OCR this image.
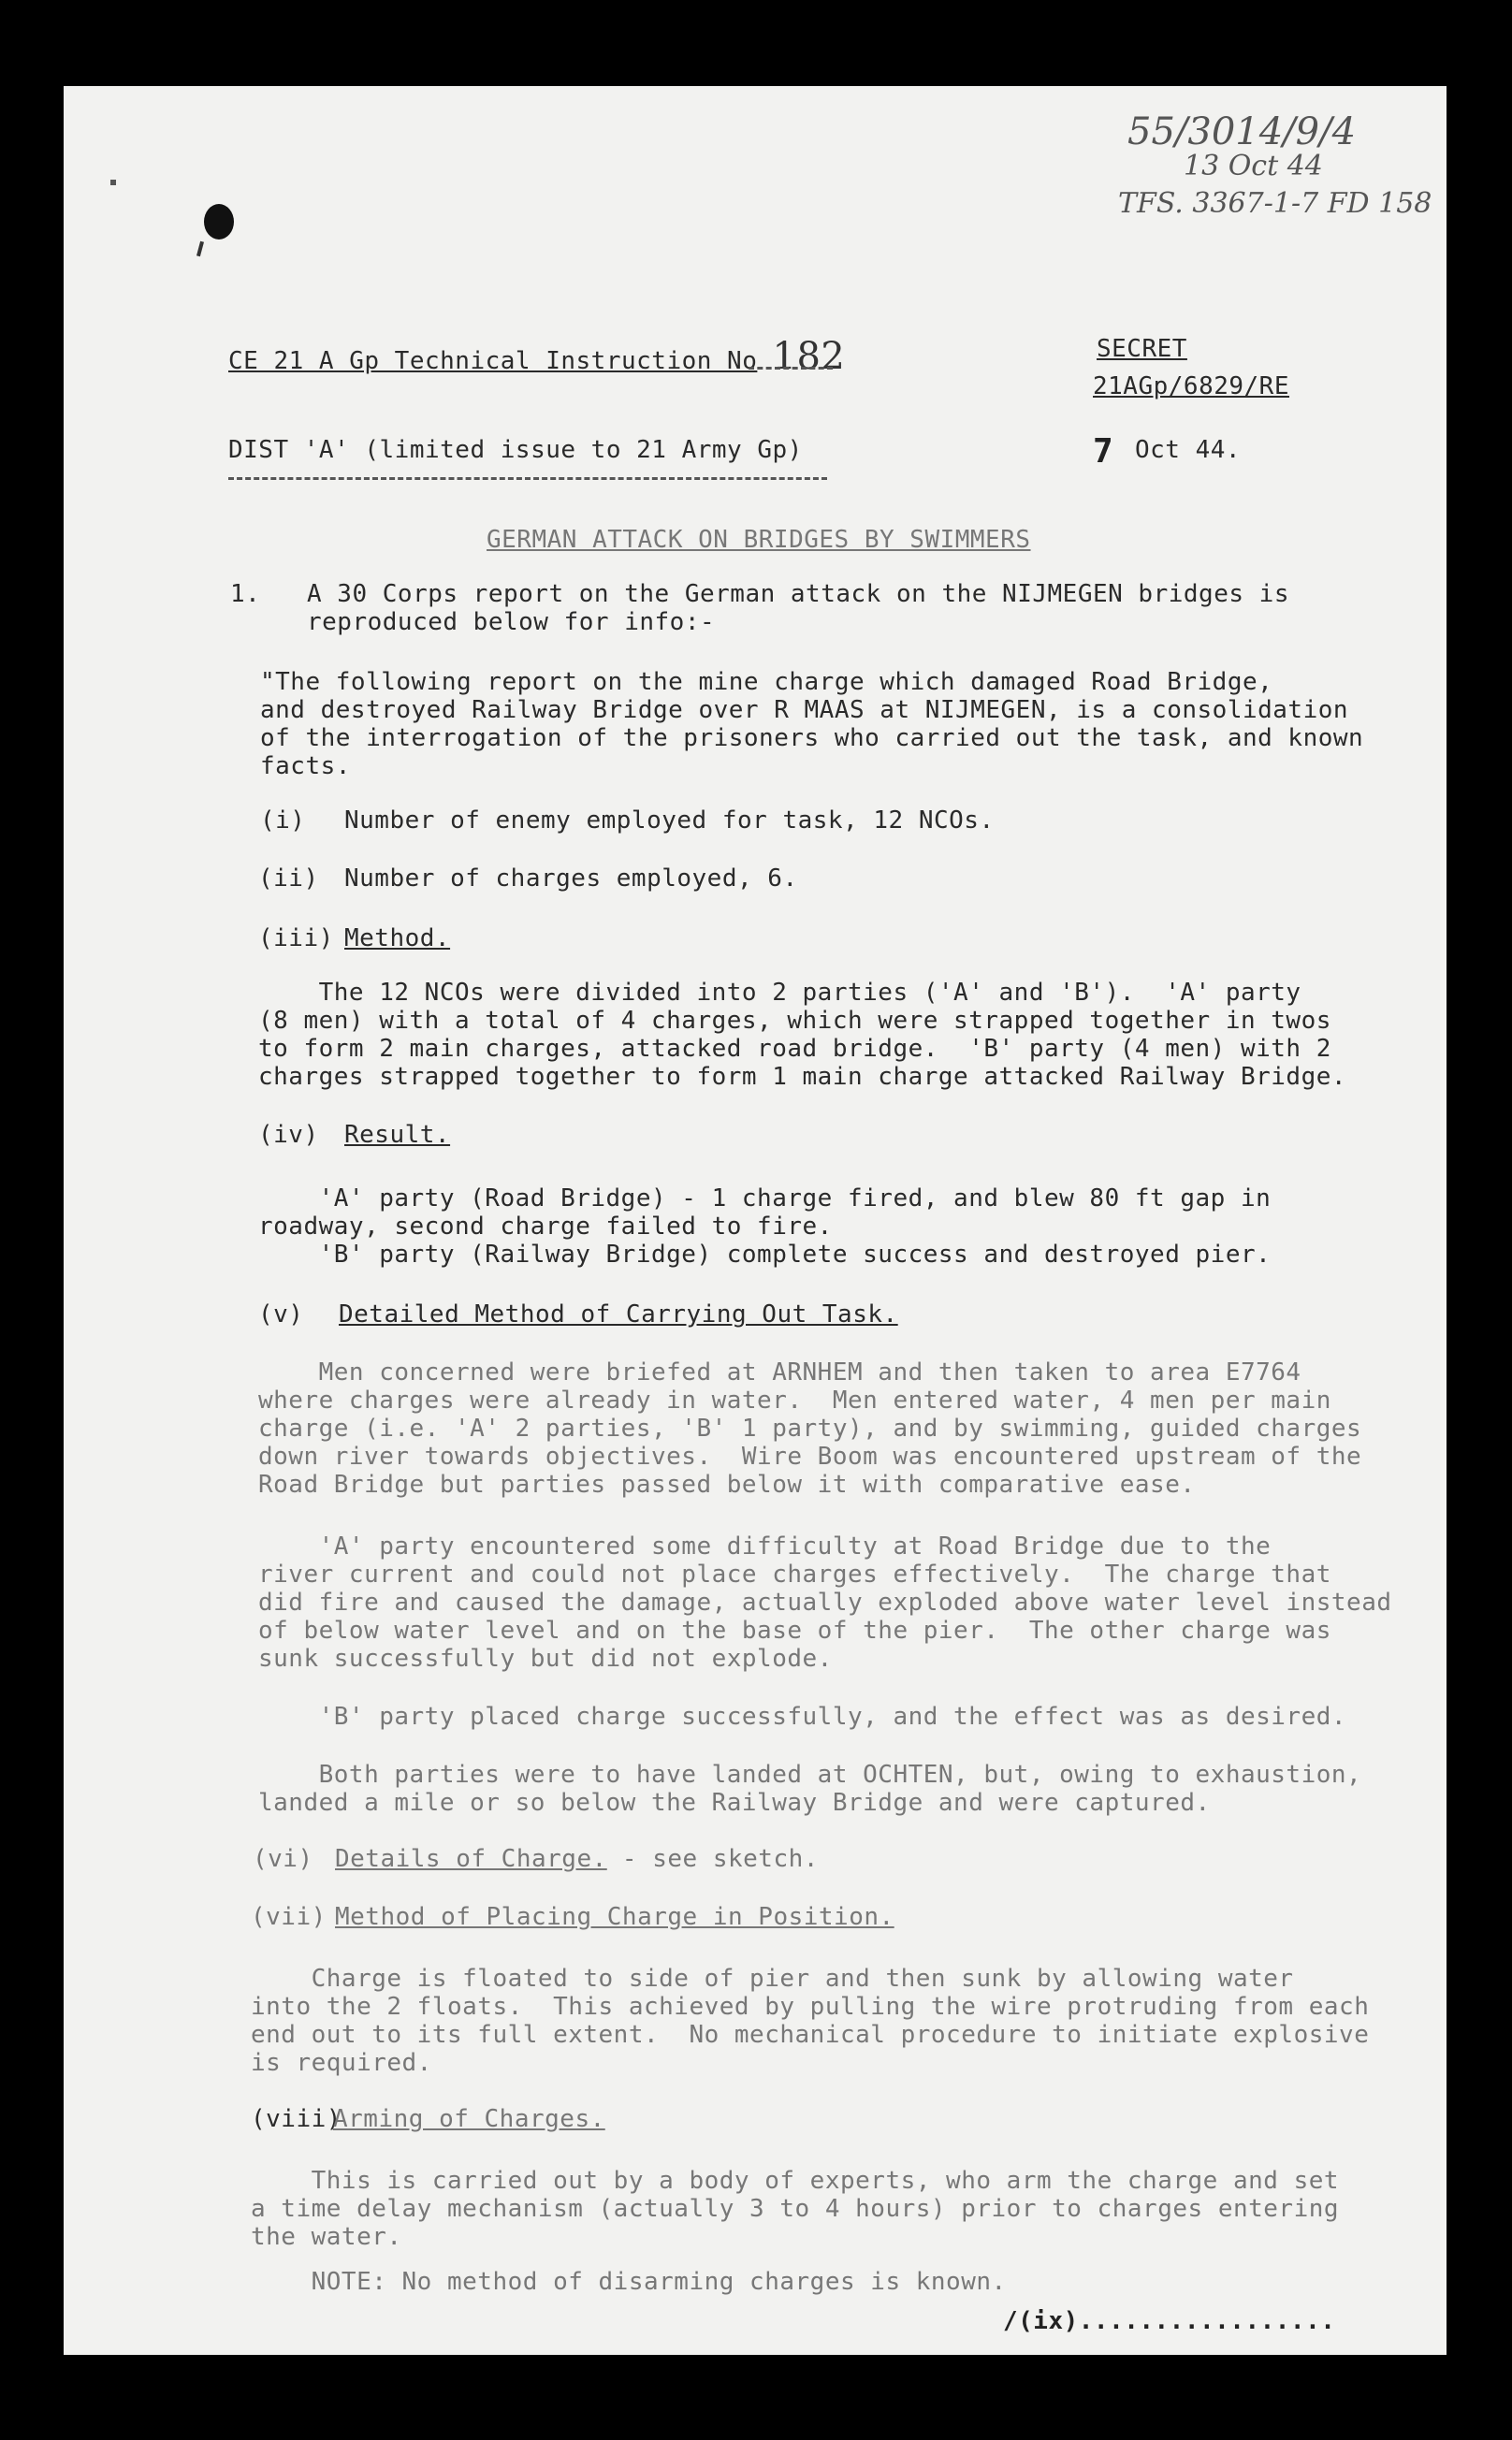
55/3014/9/4
13 Oct 44
TFS. 3367-1-7 FD 158
CE 21 A Gp Technical Instruction No 182	SECRET
21AGp/6829/RE
DIST 'A' (limited issue to 21 Army Gp)	7 Oct 44.
GERMAN ATTACK ON BRIDGES BY SWIMMERS
1. A 30 Corps report on the German attack on the NIJMEGEN bridges is
reproduced below for info:-
"The following report on the mine charge which damaged Road Bridge,
and destroyed Railway Bridge over R MAAS at NIJMEGEN, is a consolidation
of the interrogation of the prisoners who carried out the task, and known
facts.
(i) Number of enemy employed for task, 12 NCOs.
(ii) Number of charges employed, 6.
(iii) Method.
The 12 NCOs were divided into 2 parties ('A' and 'B').  'A' party
(8 men) with a total of 4 charges, which were strapped together in twos
to form 2 main charges, attacked road bridge.  'B' party (4 men) with 2
charges strapped together to form 1 main charge attacked Railway Bridge.
(iv) Result.
'A' party (Road Bridge) - 1 charge fired, and blew 80 ft gap in
roadway, second charge failed to fire.
'B' party (Railway Bridge) complete success and destroyed pier.
(v) Detailed Method of Carrying Out Task.
Men concerned were briefed at ARNHEM and then taken to area E7764
where charges were already in water.  Men entered water, 4 men per main
charge (i.e. 'A' 2 parties, 'B' 1 party), and by swimming, guided charges
down river towards objectives.  Wire Boom was encountered upstream of the
Road Bridge but parties passed below it with comparative ease.
'A' party encountered some difficulty at Road Bridge due to the
river current and could not place charges effectively.  The charge that
did fire and caused the damage, actually exploded above water level instead
of below water level and on the base of the pier.  The other charge was
sunk successfully but did not explode.
'B' party placed charge successfully, and the effect was as desired.
Both parties were to have landed at OCHTEN, but, owing to exhaustion,
landed a mile or so below the Railway Bridge and were captured.
(vi) Details of Charge. - see sketch.
(vii) Method of Placing Charge in Position.
Charge is floated to side of pier and then sunk by allowing water
into the 2 floats.  This achieved by pulling the wire protruding from each
end out to its full extent.  No mechanical procedure to initiate explosive
is required.
(viii)
Arming of Charges.
This is carried out by a body of experts, who arm the charge and set
a time delay mechanism (actually 3 to 4 hours) prior to charges entering
the water.
NOTE: No method of disarming charges is known.
/(ix).................
